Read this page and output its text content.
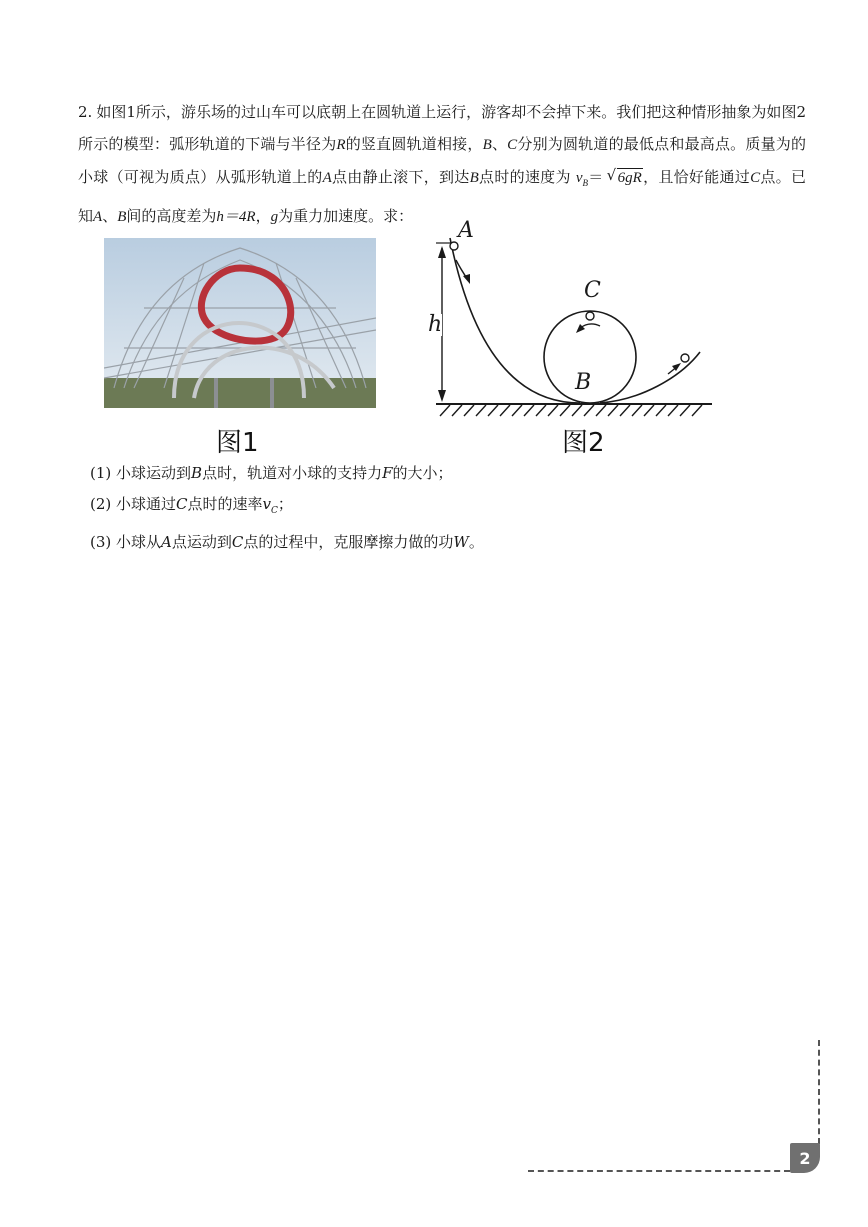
2. 如图1所示，游乐场的过山车可以底朝上在圆轨道上运行，游客却不会掉下来。我们把这种情形抽象为如图2所示的模型：弧形轨道的下端与半径为R的竖直圆轨道相接，B、C分别为圆轨道的最低点和最高点。质量为的小球（可视为质点）从弧形轨道上的A点由静止滚下，到达B点时的速度为 $v_B=$ √ 6gR，且恰好能通过C点。已知A、B间的高度差为h＝4R，g为重力加速度。求：
图1
A
C
B
h
图2
(1) 小球运动到B点时，轨道对小球的支持力F的大小；
(2) 小球通过C点时的速率$v_C$；
(3) 小球从A点运动到C点的过程中，克服摩擦力做的功W。
2
